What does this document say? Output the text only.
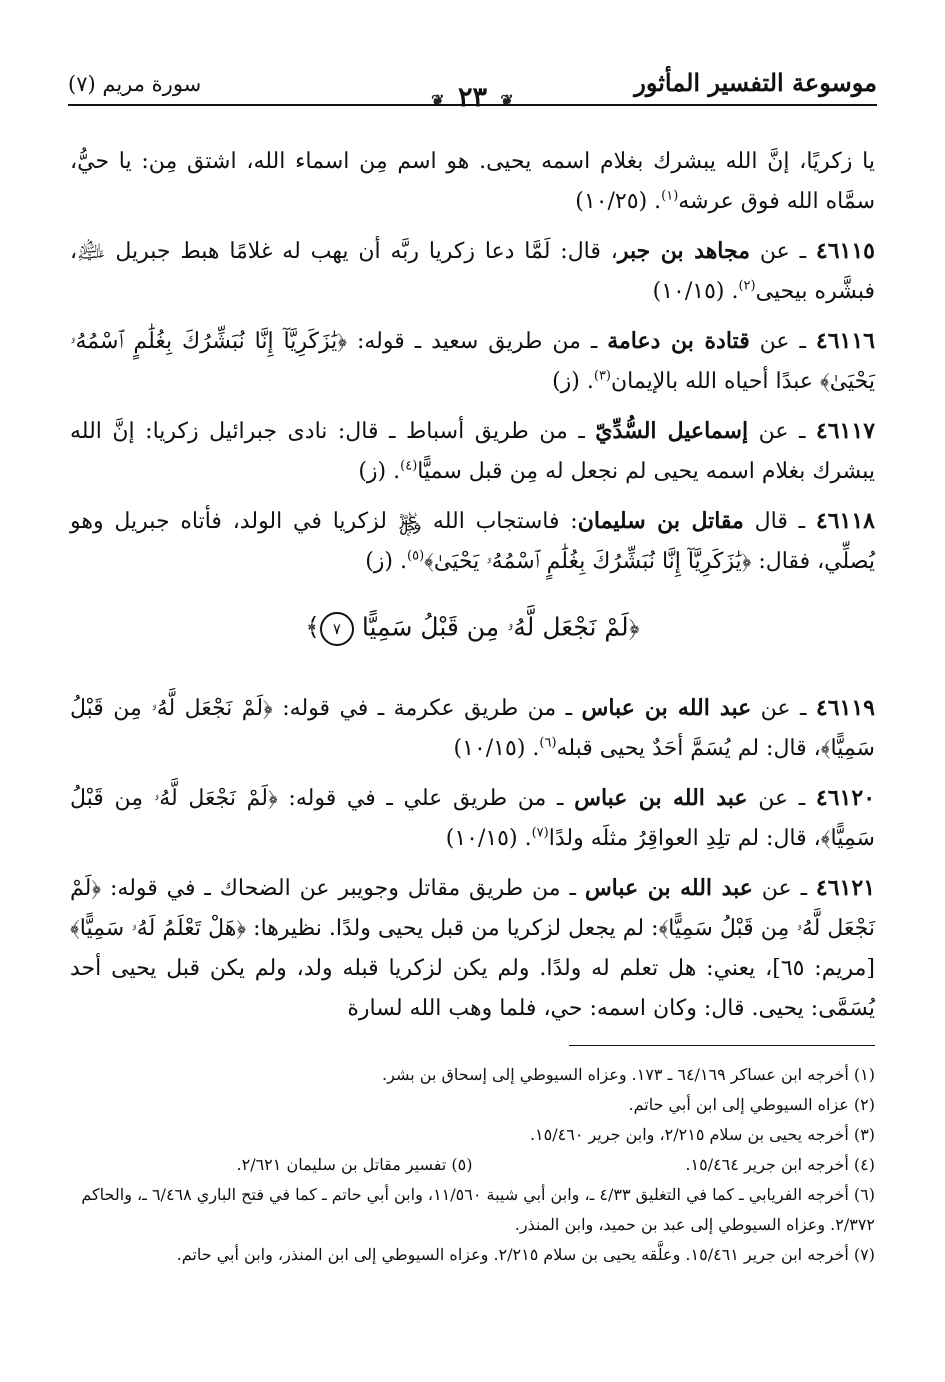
موسوعة التفسير المأثور
❦ ٢٣ ❦
سورة مريم (٧)

يا زكريًا، إنَّ الله يبشرك بغلام اسمه يحيى. هو اسم مِن اسماء الله، اشتق مِن: يا حيُّ، سمَّاه الله فوق عرشه$^{(١)}$. (١٠/٢٥)

٤٦١١٥ ـ عن مجاهد بن جبر، قال: لَمَّا دعا زكريا ربَّه أن يهب له غلامًا هبط جبريل ﵇، فبشَّره بيحيى$^{(٢)}$. (١٠/١٥)

٤٦١١٦ ـ عن قتادة بن دعامة ـ من طريق سعيد ـ قوله: ﴿يَٰزَكَرِيَّآ إِنَّا نُبَشِّرُكَ بِغُلَٰمٍ ٱسْمُهُۥ يَحْيَىٰ﴾ عبدًا أحياه الله بالإيمان$^{(٣)}$. (ز)

٤٦١١٧ ـ عن إسماعيل السُّدِّيّ ـ من طريق أسباط ـ قال: نادى جبرائيل زكريا: إنَّ الله يبشرك بغلام اسمه يحيى لم نجعل له مِن قبل سميًّا$^{(٤)}$. (ز)

٤٦١١٨ ـ قال مقاتل بن سليمان: فاستجاب الله ﷿ لزكريا في الولد، فأتاه جبريل وهو يُصلِّي، فقال: ﴿يَٰزَكَرِيَّآ إِنَّا نُبَشِّرُكَ بِغُلَٰمٍ ٱسْمُهُۥ يَحْيَىٰ﴾$^{(٥)}$. (ز)

﴿لَمْ نَجْعَل لَّهُۥ مِن قَبْلُ سَمِيًّا ٧﴾

٤٦١١٩ ـ عن عبد الله بن عباس ـ من طريق عكرمة ـ في قوله: ﴿لَمْ نَجْعَل لَّهُۥ مِن قَبْلُ سَمِيًّا﴾، قال: لم يُسَمَّ أحَدٌ يحيى قبله$^{(٦)}$. (١٠/١٥)

٤٦١٢٠ ـ عن عبد الله بن عباس ـ من طريق علي ـ في قوله: ﴿لَمْ نَجْعَل لَّهُۥ مِن قَبْلُ سَمِيًّا﴾، قال: لم تلِدِ العواقِرُ مثلَه ولدًا$^{(٧)}$. (١٠/١٥)

٤٦١٢١ ـ عن عبد الله بن عباس ـ من طريق مقاتل وجويبر عن الضحاك ـ في قوله: ﴿لَمْ نَجْعَل لَّهُۥ مِن قَبْلُ سَمِيًّا﴾: لم يجعل لزكريا من قبل يحيى ولدًا. نظيرها: ﴿هَلْ تَعْلَمُ لَهُۥ سَمِيًّا﴾ [مريم: ٦٥]، يعني: هل تعلم له ولدًا. ولم يكن لزكريا قبله ولد، ولم يكن قبل يحيى أحد يُسَمَّى: يحيى. قال: وكان اسمه: حي، فلما وهب الله لسارة

(١) أخرجه ابن عساكر ٦٤/١٦٩ ـ ١٧٣. وعزاه السيوطي إلى إسحاق بن بشر.

(٢) عزاه السيوطي إلى ابن أبي حاتم.

(٣) أخرجه يحيى بن سلام ٢/٢١٥، وابن جرير ١٥/٤٦٠.

(٤) أخرجه ابن جرير ١٥/٤٦٤.

(٥) تفسير مقاتل بن سليمان ٢/٦٢١.

(٦) أخرجه الفريابي ـ كما في التغليق ٤/٣٣ ـ، وابن أبي شيبة ١١/٥٦٠، وابن أبي حاتم ـ كما في فتح الباري ٦/٤٦٨ ـ، والحاكم ٢/٣٧٢. وعزاه السيوطي إلى عبد بن حميد، وابن المنذر.

(٧) أخرجه ابن جرير ١٥/٤٦١. وعلَّقه يحيى بن سلام ٢/٢١٥. وعزاه السيوطي إلى ابن المنذر، وابن أبي حاتم.
